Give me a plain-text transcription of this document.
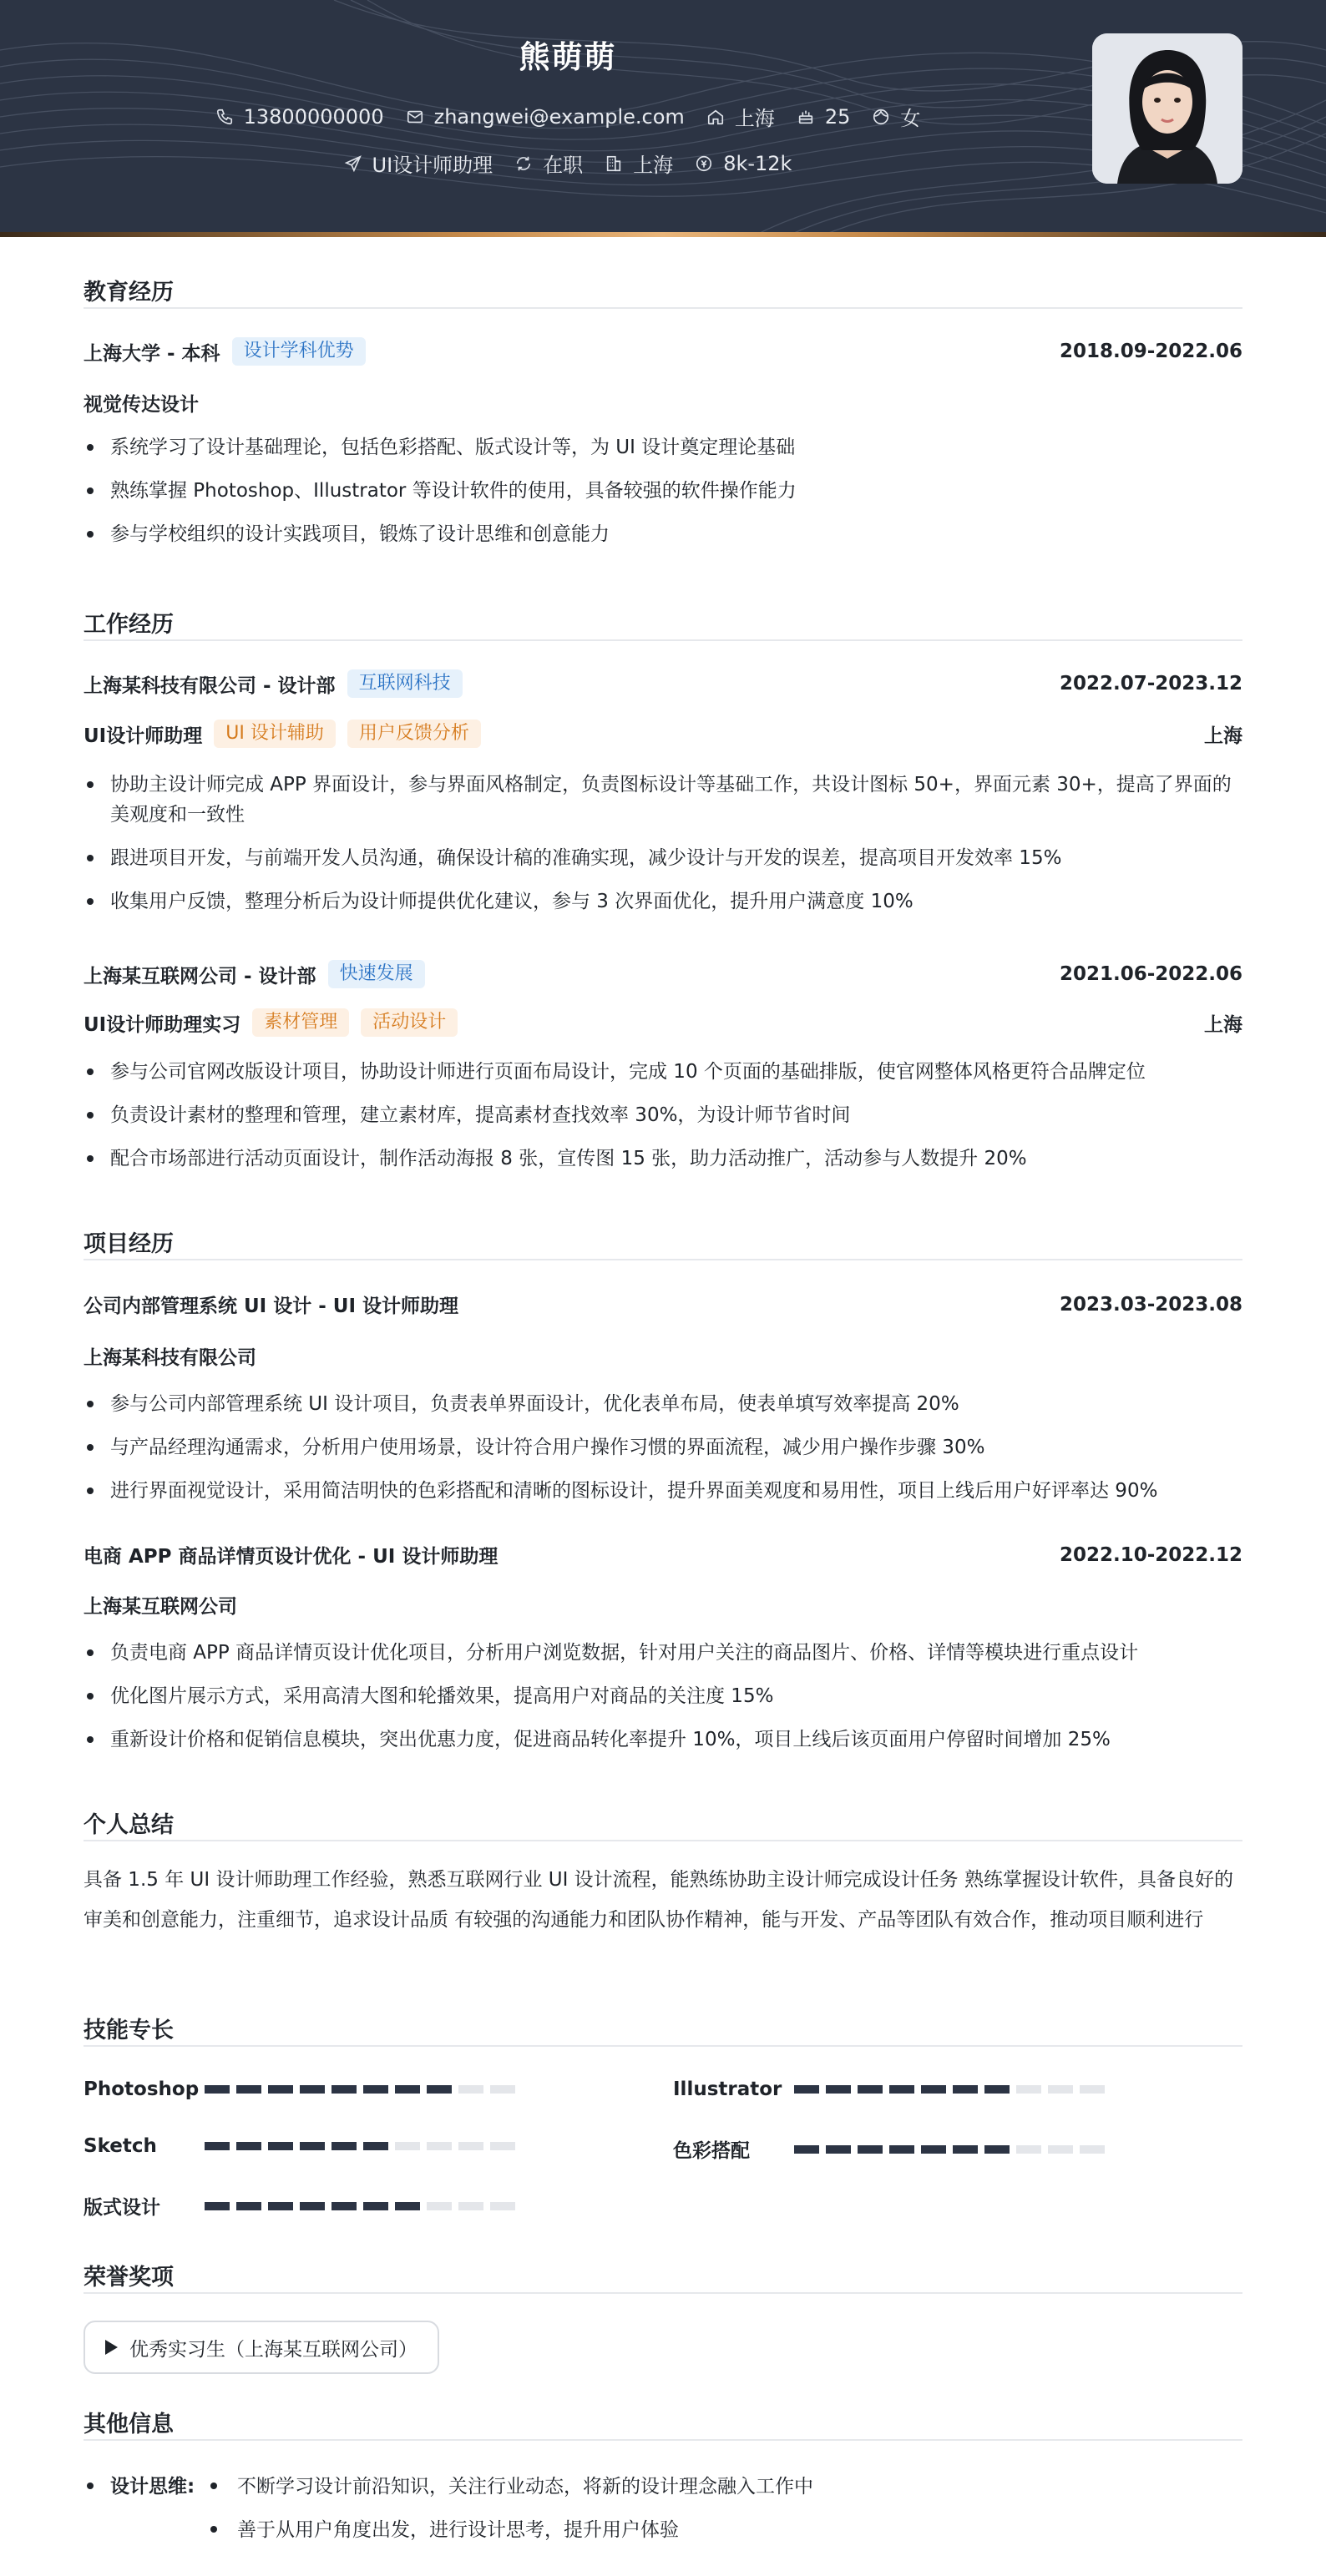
熊萌萌
13800000000	zhangwei@example.com	上海	25	女
UI设计师助理	在职	上海	8k-12k
教育经历
上海大学 - 本科	设计学科优势	2018.09-2022.06
视觉传达设计
系统学习了设计基础理论，包括色彩搭配、版式设计等，为 UI 设计奠定理论基础
熟练掌握 Photoshop、Illustrator 等设计软件的使用，具备较强的软件操作能力
参与学校组织的设计实践项目，锻炼了设计思维和创意能力
工作经历
上海某科技有限公司 - 设计部	互联网科技	2022.07-2023.12
UI设计师助理	UI 设计辅助	用户反馈分析	上海
协助主设计师完成 APP 界面设计，参与界面风格制定，负责图标设计等基础工作，共设计图标 50+，界面元素 30+，提高了界面的美观度和一致性
跟进项目开发，与前端开发人员沟通，确保设计稿的准确实现，减少设计与开发的误差，提高项目开发效率 15%
收集用户反馈，整理分析后为设计师提供优化建议，参与 3 次界面优化，提升用户满意度 10%
上海某互联网公司 - 设计部	快速发展	2021.06-2022.06
UI设计师助理实习	素材管理	活动设计	上海
参与公司官网改版设计项目，协助设计师进行页面布局设计，完成 10 个页面的基础排版，使官网整体风格更符合品牌定位
负责设计素材的整理和管理，建立素材库，提高素材查找效率 30%，为设计师节省时间
配合市场部进行活动页面设计，制作活动海报 8 张，宣传图 15 张，助力活动推广，活动参与人数提升 20%
项目经历
公司内部管理系统 UI 设计 - UI 设计师助理	2023.03-2023.08
上海某科技有限公司
参与公司内部管理系统 UI 设计项目，负责表单界面设计，优化表单布局，使表单填写效率提高 20%
与产品经理沟通需求，分析用户使用场景，设计符合用户操作习惯的界面流程，减少用户操作步骤 30%
进行界面视觉设计，采用简洁明快的色彩搭配和清晰的图标设计，提升界面美观度和易用性，项目上线后用户好评率达 90%
电商 APP 商品详情页设计优化 - UI 设计师助理	2022.10-2022.12
上海某互联网公司
负责电商 APP 商品详情页设计优化项目，分析用户浏览数据，针对用户关注的商品图片、价格、详情等模块进行重点设计
优化图片展示方式，采用高清大图和轮播效果，提高用户对商品的关注度 15%
重新设计价格和促销信息模块，突出优惠力度，促进商品转化率提升 10%，项目上线后该页面用户停留时间增加 25%
个人总结
具备 1.5 年 UI 设计师助理工作经验，熟悉互联网行业 UI 设计流程，能熟练协助主设计师完成设计任务 熟练掌握设计软件，具备良好的审美和创意能力，注重细节，追求设计品质 有较强的沟通能力和团队协作精神，能与开发、产品等团队有效合作，推动项目顺利进行
技能专长
Photoshop	Illustrator
Sketch	色彩搭配
版式设计
荣誉奖项
优秀实习生（上海某互联网公司）
其他信息
设计思维: 不断学习设计前沿知识，关注行业动态，将新的设计理念融入工作中
善于从用户角度出发，进行设计思考，提升用户体验
